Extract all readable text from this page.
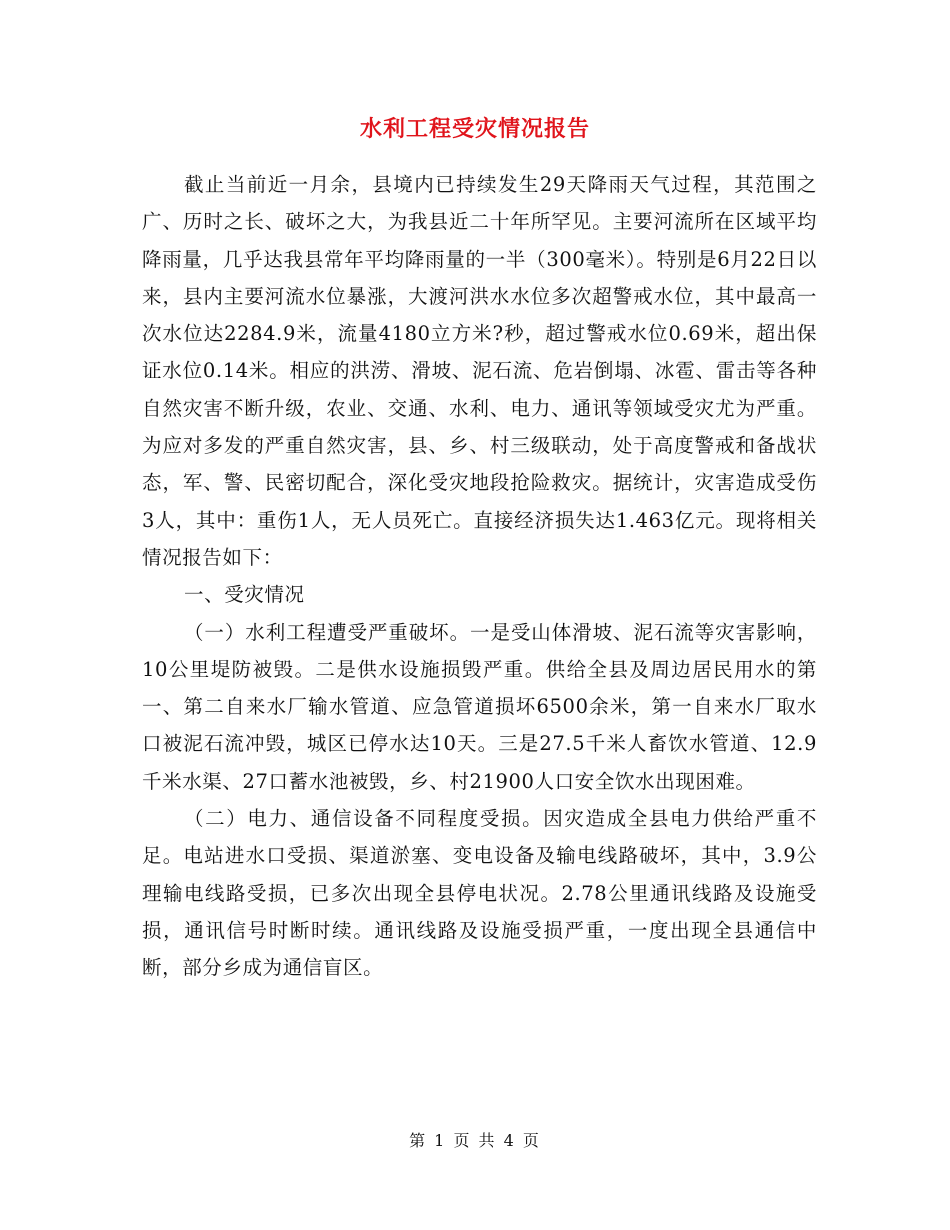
水利工程受灾情况报告

截止当前近一月余，县境内已持续发生29天降雨天气过程，其范围之广、历时之长、破坏之大，为我县近二十年所罕见。主要河流所在区域平均降雨量，几乎达我县常年平均降雨量的一半（300毫米）。特别是6月22日以来，县内主要河流水位暴涨，大渡河洪水水位多次超警戒水位，其中最高一次水位达2284.9米，流量4180立方米?秒，超过警戒水位0.69米，超出保证水位0.14米。相应的洪涝、滑坡、泥石流、危岩倒塌、冰雹、雷击等各种自然灾害不断升级，农业、交通、水利、电力、通讯等领域受灾尤为严重。为应对多发的严重自然灾害，县、乡、村三级联动，处于高度警戒和备战状态，军、警、民密切配合，深化受灾地段抢险救灾。据统计，灾害造成受伤3人，其中：重伤1人，无人员死亡。直接经济损失达1.463亿元。现将相关情况报告如下：

一、受灾情况

（一）水利工程遭受严重破坏。一是受山体滑坡、泥石流等灾害影响，10公里堤防被毁。二是供水设施损毁严重。供给全县及周边居民用水的第一、第二自来水厂输水管道、应急管道损坏6500余米，第一自来水厂取水口被泥石流冲毁，城区已停水达10天。三是27.5千米人畜饮水管道、12.9千米水渠、27口蓄水池被毁，乡、村21900人口安全饮水出现困难。

（二）电力、通信设备不同程度受损。因灾造成全县电力供给严重不足。电站进水口受损、渠道淤塞、变电设备及输电线路破坏，其中，3.9公理输电线路受损，已多次出现全县停电状况。2.78公里通讯线路及设施受损，通讯信号时断时续。通讯线路及设施受损严重，一度出现全县通信中断，部分乡成为通信盲区。

第 1 页 共 4 页
